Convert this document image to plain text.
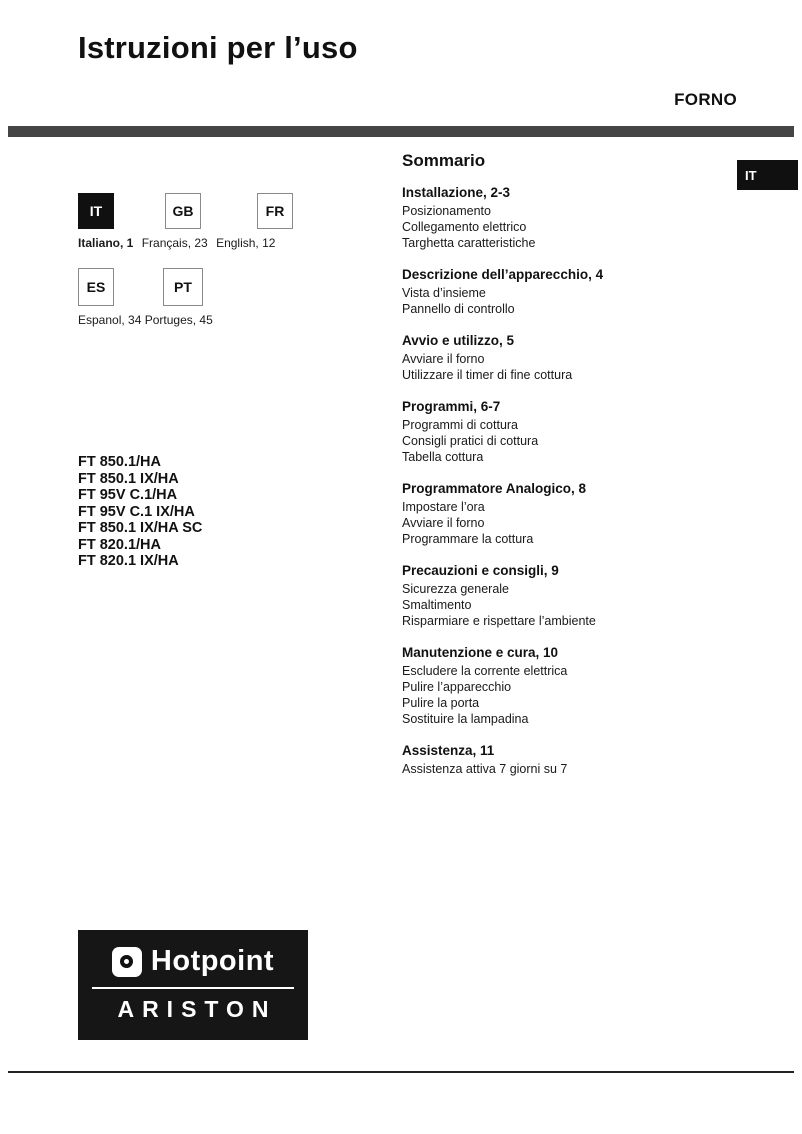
Istruzioni per l’uso
FORNO
IT
IT	GB	FR
Italiano, 1 Français, 23 English, 12
ES	PT
Espanol, 34 Portuges, 45
FT 850.1/HA
FT 850.1 IX/HA
FT 95V C.1/HA
FT 95V C.1 IX/HA
FT 850.1 IX/HA SC
FT 820.1/HA
FT 820.1 IX/HA
Sommario
Installazione, 2-3
Posizionamento
Collegamento elettrico
Targhetta caratteristiche
Descrizione dell’apparecchio, 4
Vista d’insieme
Pannello di controllo
Avvio e utilizzo, 5
Avviare il forno
Utilizzare il timer di fine cottura
Programmi, 6-7
Programmi di cottura
Consigli pratici di cottura
Tabella cottura
Programmatore Analogico, 8
Impostare l’ora
Avviare il forno
Programmare la cottura
Precauzioni e consigli, 9
Sicurezza generale
Smaltimento
Risparmiare e rispettare l’ambiente
Manutenzione e cura, 10
Escludere la corrente elettrica
Pulire l’apparecchio
Pulire la porta
Sostituire la lampadina
Assistenza, 11
Assistenza attiva 7 giorni su 7
Hotpoint
ARISTON
